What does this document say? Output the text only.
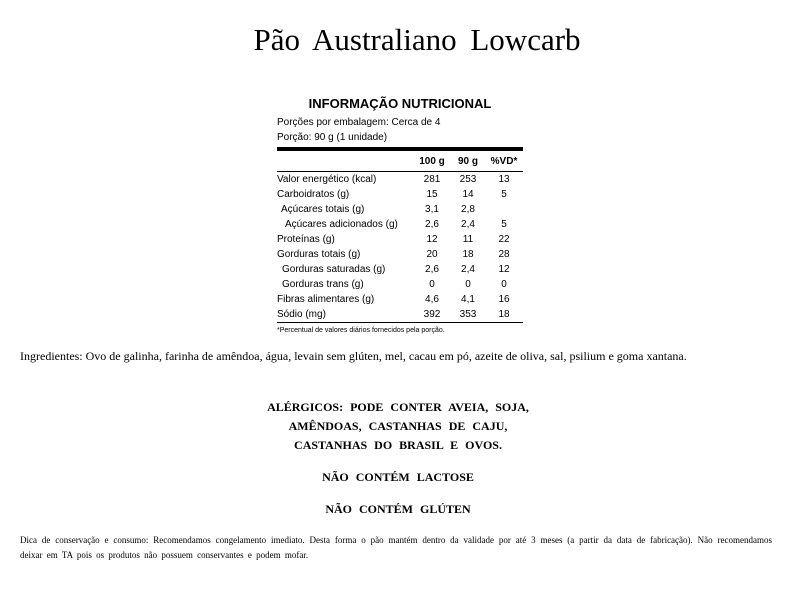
Pão Australiano Lowcarb
INFORMAÇÃO NUTRICIONAL
Porções por embalagem: Cerca de 4
Porção: 90 g (1 unidade)
	100 g	90 g	%VD*
Valor energético (kcal)	281	253	13
Carboidratos (g)	15	14	5
Açúcares totais (g)	3,1	2,8	
Açúcares adicionados (g)	2,6	2,4	5
Proteínas (g)	12	11	22
Gorduras totais (g)	20	18	28
Gorduras saturadas (g)	2,6	2,4	12
Gorduras trans (g)	0	0	0
Fibras alimentares (g)	4,6	4,1	16
Sódio (mg)	392	353	18
*Percentual de valores diários fornecidos pela porção.
Ingredientes: Ovo de galinha, farinha de amêndoa, água, levain sem glúten, mel, cacau em pó, azeite de oliva, sal, psilium e goma xantana.
ALÉRGICOS: PODE CONTER AVEIA, SOJA,
AMÊNDOAS, CASTANHAS DE CAJU,
CASTANHAS DO BRASIL E OVOS.
NÃO CONTÉM LACTOSE
NÃO CONTÉM GLÚTEN
Dica de conservação e consumo: Recomendamos congelamento imediato. Desta forma o pão mantém dentro da validade por até 3 meses (a partir da data de fabricação). Não recomendamos deixar em TA pois os produtos não possuem conservantes e podem mofar.
